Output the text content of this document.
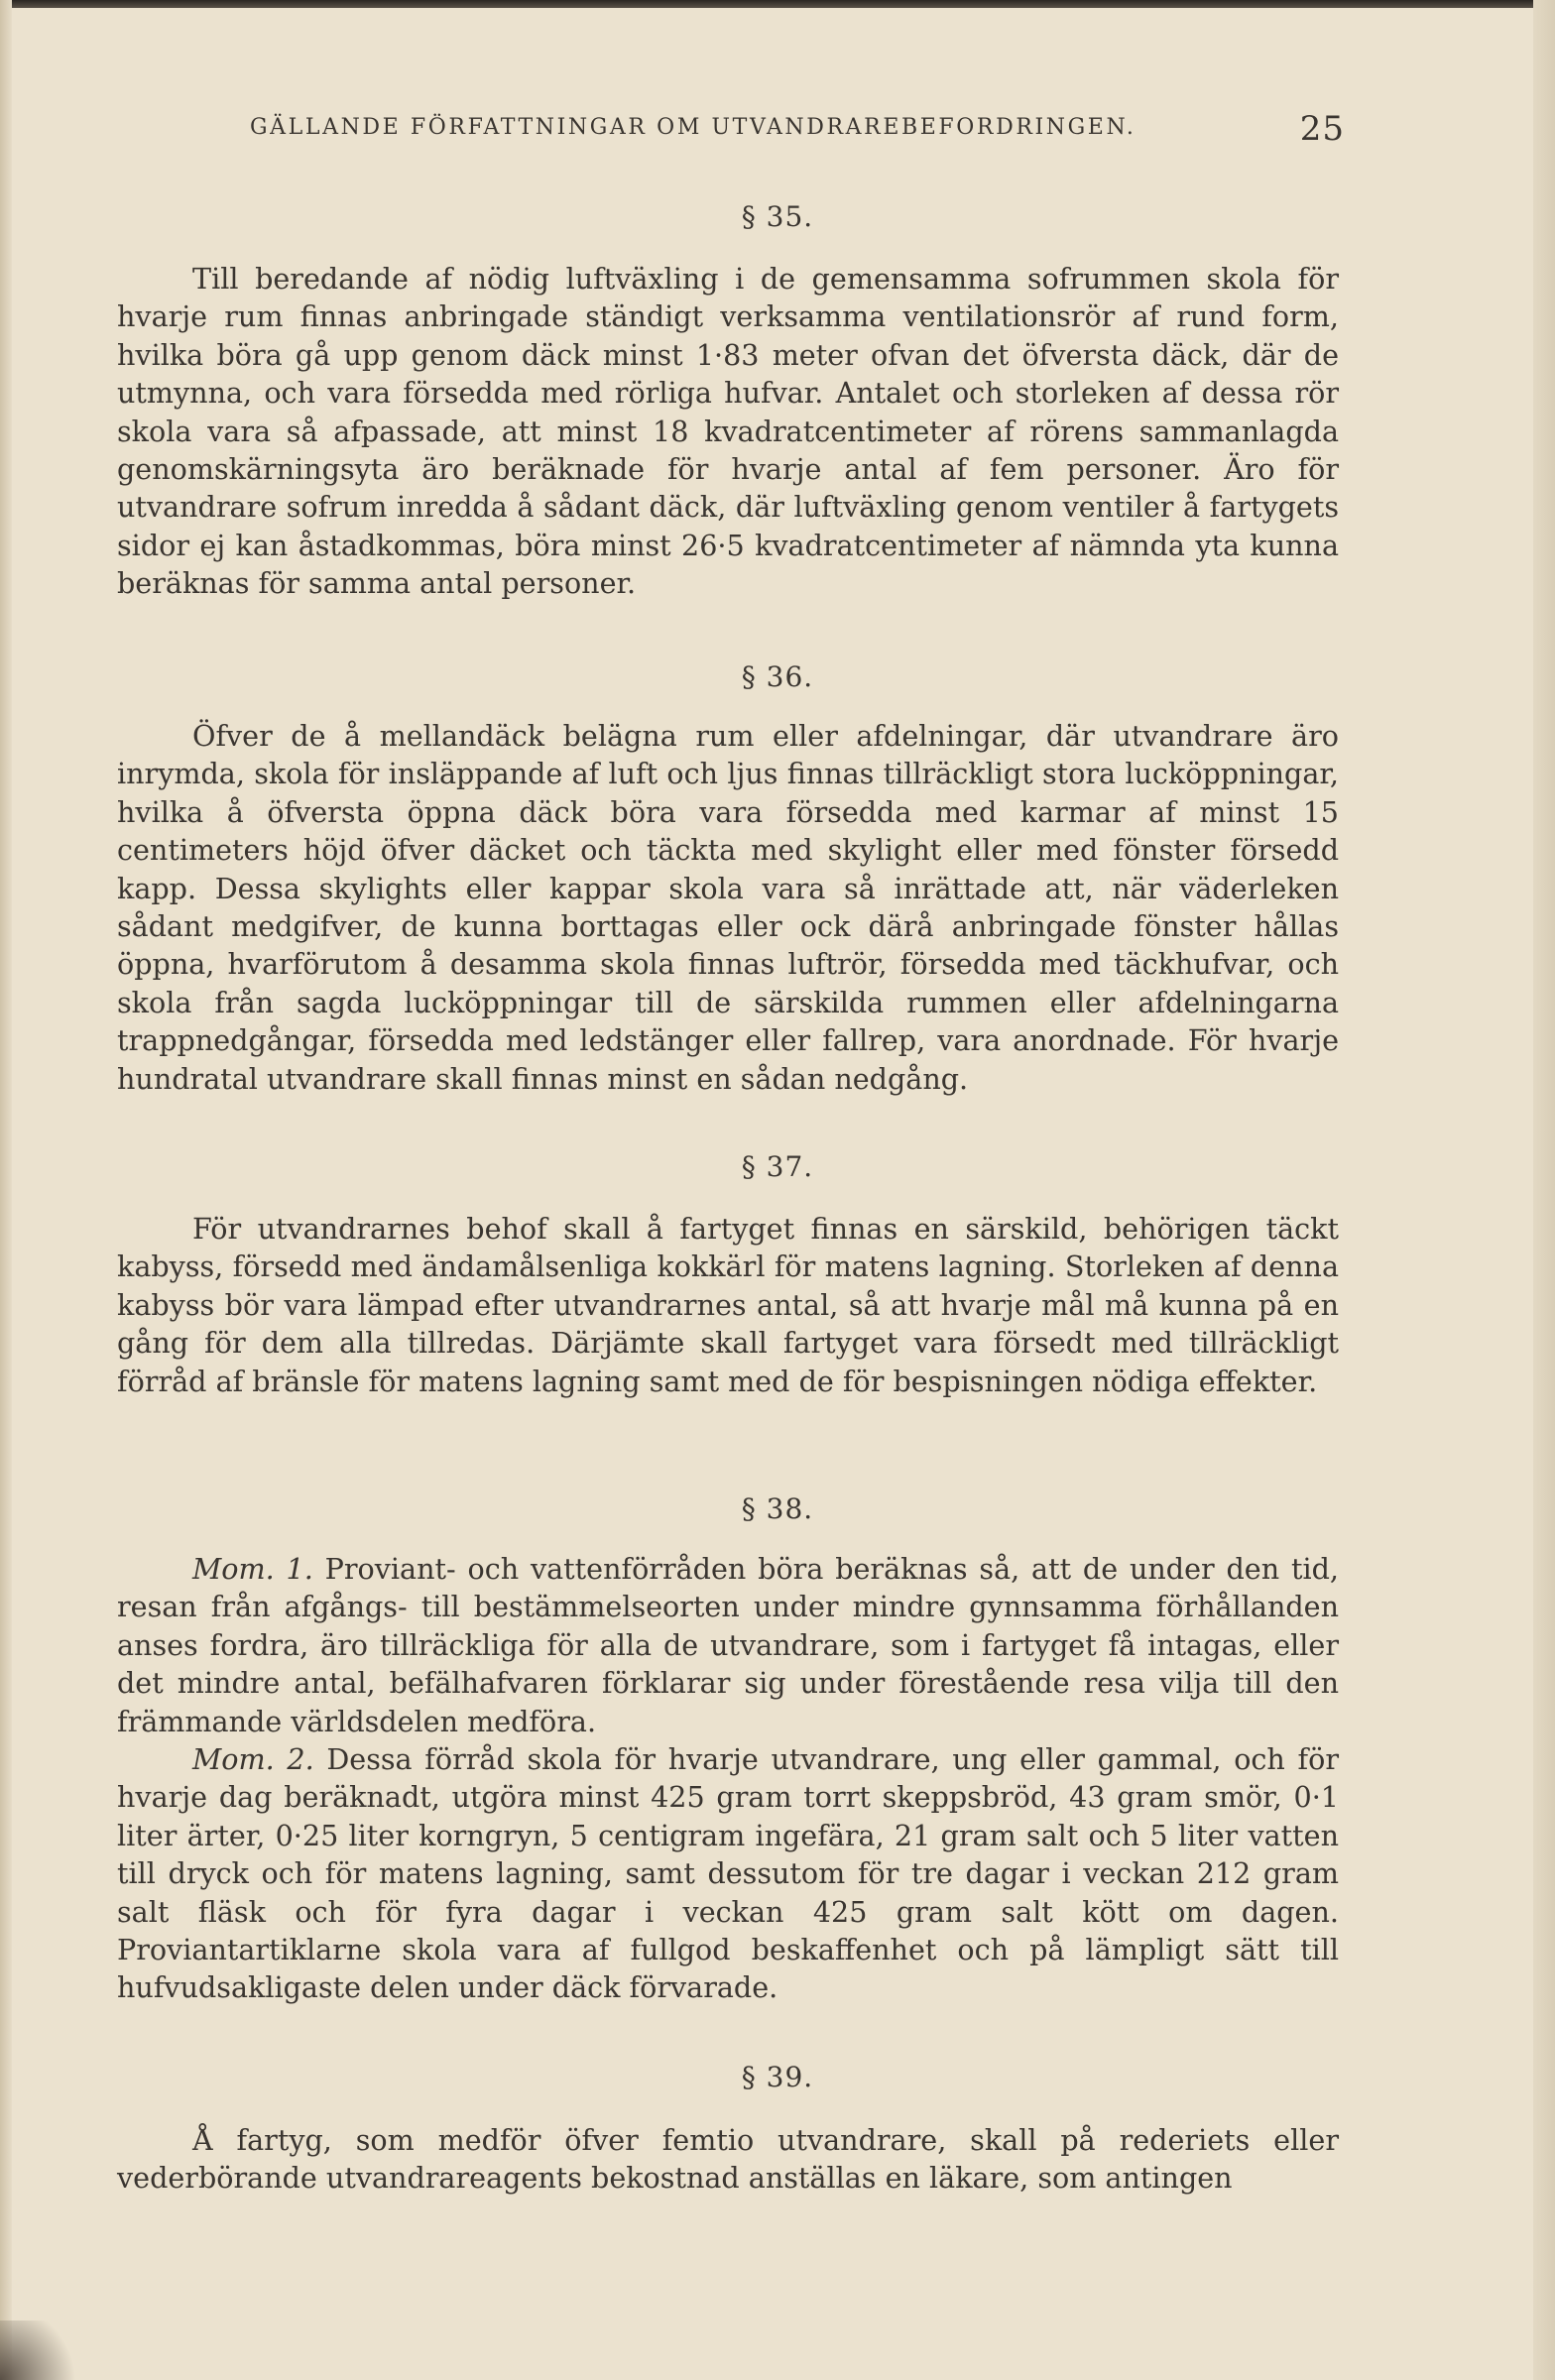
GÄLLANDE FÖRFATTNINGAR OM UTVANDRAREBEFORDRINGEN.	25
§ 35.

Till beredande af nödig luftväxling i de gemensamma sofrummen skola för hvarje rum finnas anbringade ständigt verksamma ventilationsrör af rund form, hvilka böra gå upp genom däck minst 1·83 meter ofvan det öfversta däck, där de utmynna, och vara försedda med rörliga hufvar. Antalet och storleken af dessa rör skola vara så afpassade, att minst 18 kvadratcentimeter af rörens sammanlagda genomskärningsyta äro beräknade för hvarje antal af fem personer. Äro för utvandrare sofrum inredda å sådant däck, där luftväxling genom ventiler å fartygets sidor ej kan åstadkommas, böra minst 26·5 kvadratcentimeter af nämnda yta kunna beräknas för samma antal personer.

§ 36.

Öfver de å mellandäck belägna rum eller afdelningar, där utvandrare äro inrymda, skola för insläppande af luft och ljus finnas tillräckligt stora lucköppningar, hvilka å öfversta öppna däck böra vara försedda med karmar af minst 15 centimeters höjd öfver däcket och täckta med skylight eller med fönster försedd kapp. Dessa skylights eller kappar skola vara så inrättade att, när väderleken sådant medgifver, de kunna borttagas eller ock därå anbringade fönster hållas öppna, hvarförutom å desamma skola finnas luftrör, försedda med täckhufvar, och skola från sagda lucköppningar till de särskilda rummen eller afdelningarna trappnedgångar, försedda med ledstänger eller fallrep, vara anordnade. För hvarje hundratal utvandrare skall finnas minst en sådan nedgång.

§ 37.

För utvandrarnes behof skall å fartyget finnas en särskild, behörigen täckt kabyss, försedd med ändamålsenliga kokkärl för matens lagning. Storleken af denna kabyss bör vara lämpad efter utvandrarnes antal, så att hvarje mål må kunna på en gång för dem alla tillredas. Därjämte skall fartyget vara försedt med tillräckligt förråd af bränsle för matens lagning samt med de för bespisningen nödiga effekter.

§ 38.

Mom. 1. Proviant- och vattenförråden böra beräknas så, att de under den tid, resan från afgångs- till bestämmelseorten under mindre gynnsamma förhållanden anses fordra, äro tillräckliga för alla de utvandrare, som i fartyget få intagas, eller det mindre antal, befälhafvaren förklarar sig under förestående resa vilja till den främmande världsdelen medföra.

Mom. 2. Dessa förråd skola för hvarje utvandrare, ung eller gammal, och för hvarje dag beräknadt, utgöra minst 425 gram torrt skeppsbröd, 43 gram smör, 0·1 liter ärter, 0·25 liter korngryn, 5 centigram ingefära, 21 gram salt och 5 liter vatten till dryck och för matens lagning, samt dessutom för tre dagar i veckan 212 gram salt fläsk och för fyra dagar i veckan 425 gram salt kött om dagen. Proviantartiklarne skola vara af fullgod beskaffenhet och på lämpligt sätt till hufvudsakligaste delen under däck förvarade.

§ 39.

Å fartyg, som medför öfver femtio utvandrare, skall på rederiets eller vederbörande utvandrareagents bekostnad anställas en läkare, som antingen
